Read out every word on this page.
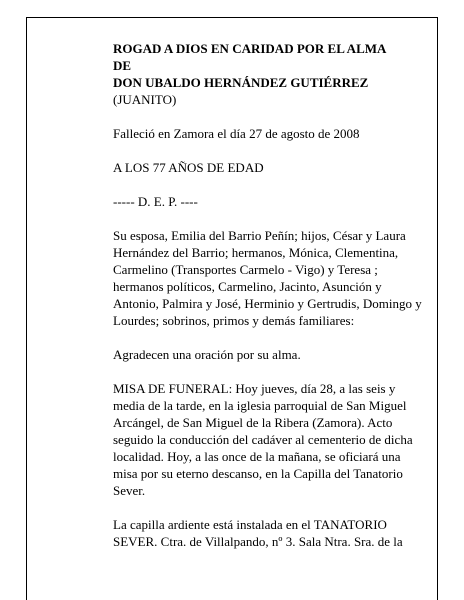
ROGAD A DIOS EN CARIDAD POR EL ALMA

DE

DON UBALDO HERNÁNDEZ GUTIÉRREZ

(JUANITO)

Falleció en Zamora el día 27 de agosto de 2008

A LOS 77 AÑOS DE EDAD

----- D. E. P. ----

Su esposa, Emilia del Barrio Peñín; hijos, César y Laura Hernández del Barrio; hermanos, Mónica, Clementina, Carmelino (Transportes Carmelo - Vigo) y Teresa ; hermanos políticos, Carmelino, Jacinto, Asunción y Antonio, Palmira y José, Herminio y Gertrudis, Domingo y Lourdes; sobrinos, primos y demás familiares:

Agradecen una oración por su alma.

MISA DE FUNERAL: Hoy jueves, día 28, a las seis y media de la tarde, en la iglesia parroquial de San Miguel Arcángel, de San Miguel de la Ribera (Zamora). Acto seguido la conducción del cadáver al cementerio de dicha localidad. Hoy, a las once de la mañana, se oficiará una misa por su eterno descanso, en la Capilla del Tanatorio Sever.

La capilla ardiente está instalada en el TANATORIO SEVER. Ctra. de Villalpando, nº 3. Sala Ntra. Sra. de la
